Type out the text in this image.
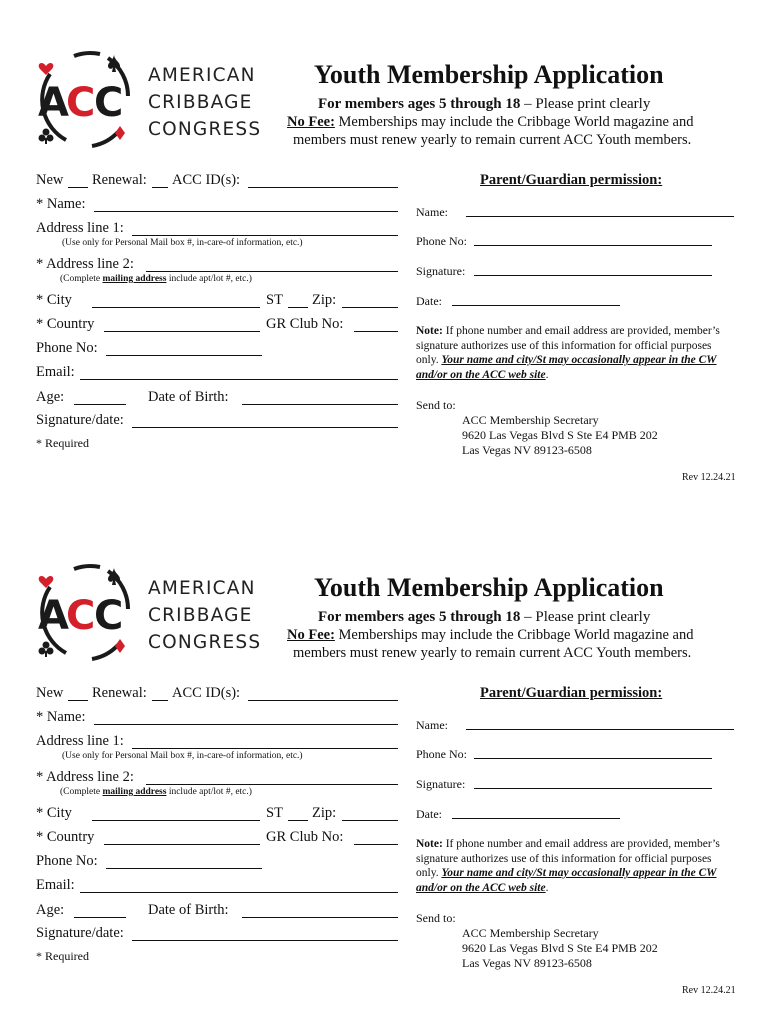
A
C
C
AMERICAN
CRIBBAGE
CONGRESS
Youth Membership Application
For members ages 5 through 18 – Please print clearly
No Fee: Memberships may include the Cribbage World magazine and
members must renew yearly to remain current ACC Youth members.
New Renewal: ACC ID(s):
* Name:
Address line 1:
(Use only for Personal Mail box #, in-care-of information, etc.)
* Address line 2:
(Complete mailing address include apt/lot #, etc.)
* City	ST Zip:
* Country	GR Club No:
Phone No:
Email:
Age:	Date of Birth:
Signature/date:
* Required
Parent/Guardian permission:
Name:
Phone No:
Signature:
Date:
Note: If phone number and email address are provided, member’s signature authorizes use of this information for official purposes only. Your name and city/St may occasionally appear in the CW and/or on the ACC web site.
Send to:
ACC Membership Secretary
9620 Las Vegas Blvd S Ste E4 PMB 202
Las Vegas NV 89123-6508
Rev 12.24.21
A
C
C
AMERICAN
CRIBBAGE
CONGRESS
Youth Membership Application
For members ages 5 through 18 – Please print clearly
No Fee: Memberships may include the Cribbage World magazine and
members must renew yearly to remain current ACC Youth members.
New Renewal: ACC ID(s):
* Name:
Address line 1:
(Use only for Personal Mail box #, in-care-of information, etc.)
* Address line 2:
(Complete mailing address include apt/lot #, etc.)
* City	ST Zip:
* Country	GR Club No:
Phone No:
Email:
Age:	Date of Birth:
Signature/date:
* Required
Parent/Guardian permission:
Name:
Phone No:
Signature:
Date:
Note: If phone number and email address are provided, member’s signature authorizes use of this information for official purposes only. Your name and city/St may occasionally appear in the CW and/or on the ACC web site.
Send to:
ACC Membership Secretary
9620 Las Vegas Blvd S Ste E4 PMB 202
Las Vegas NV 89123-6508
Rev 12.24.21
